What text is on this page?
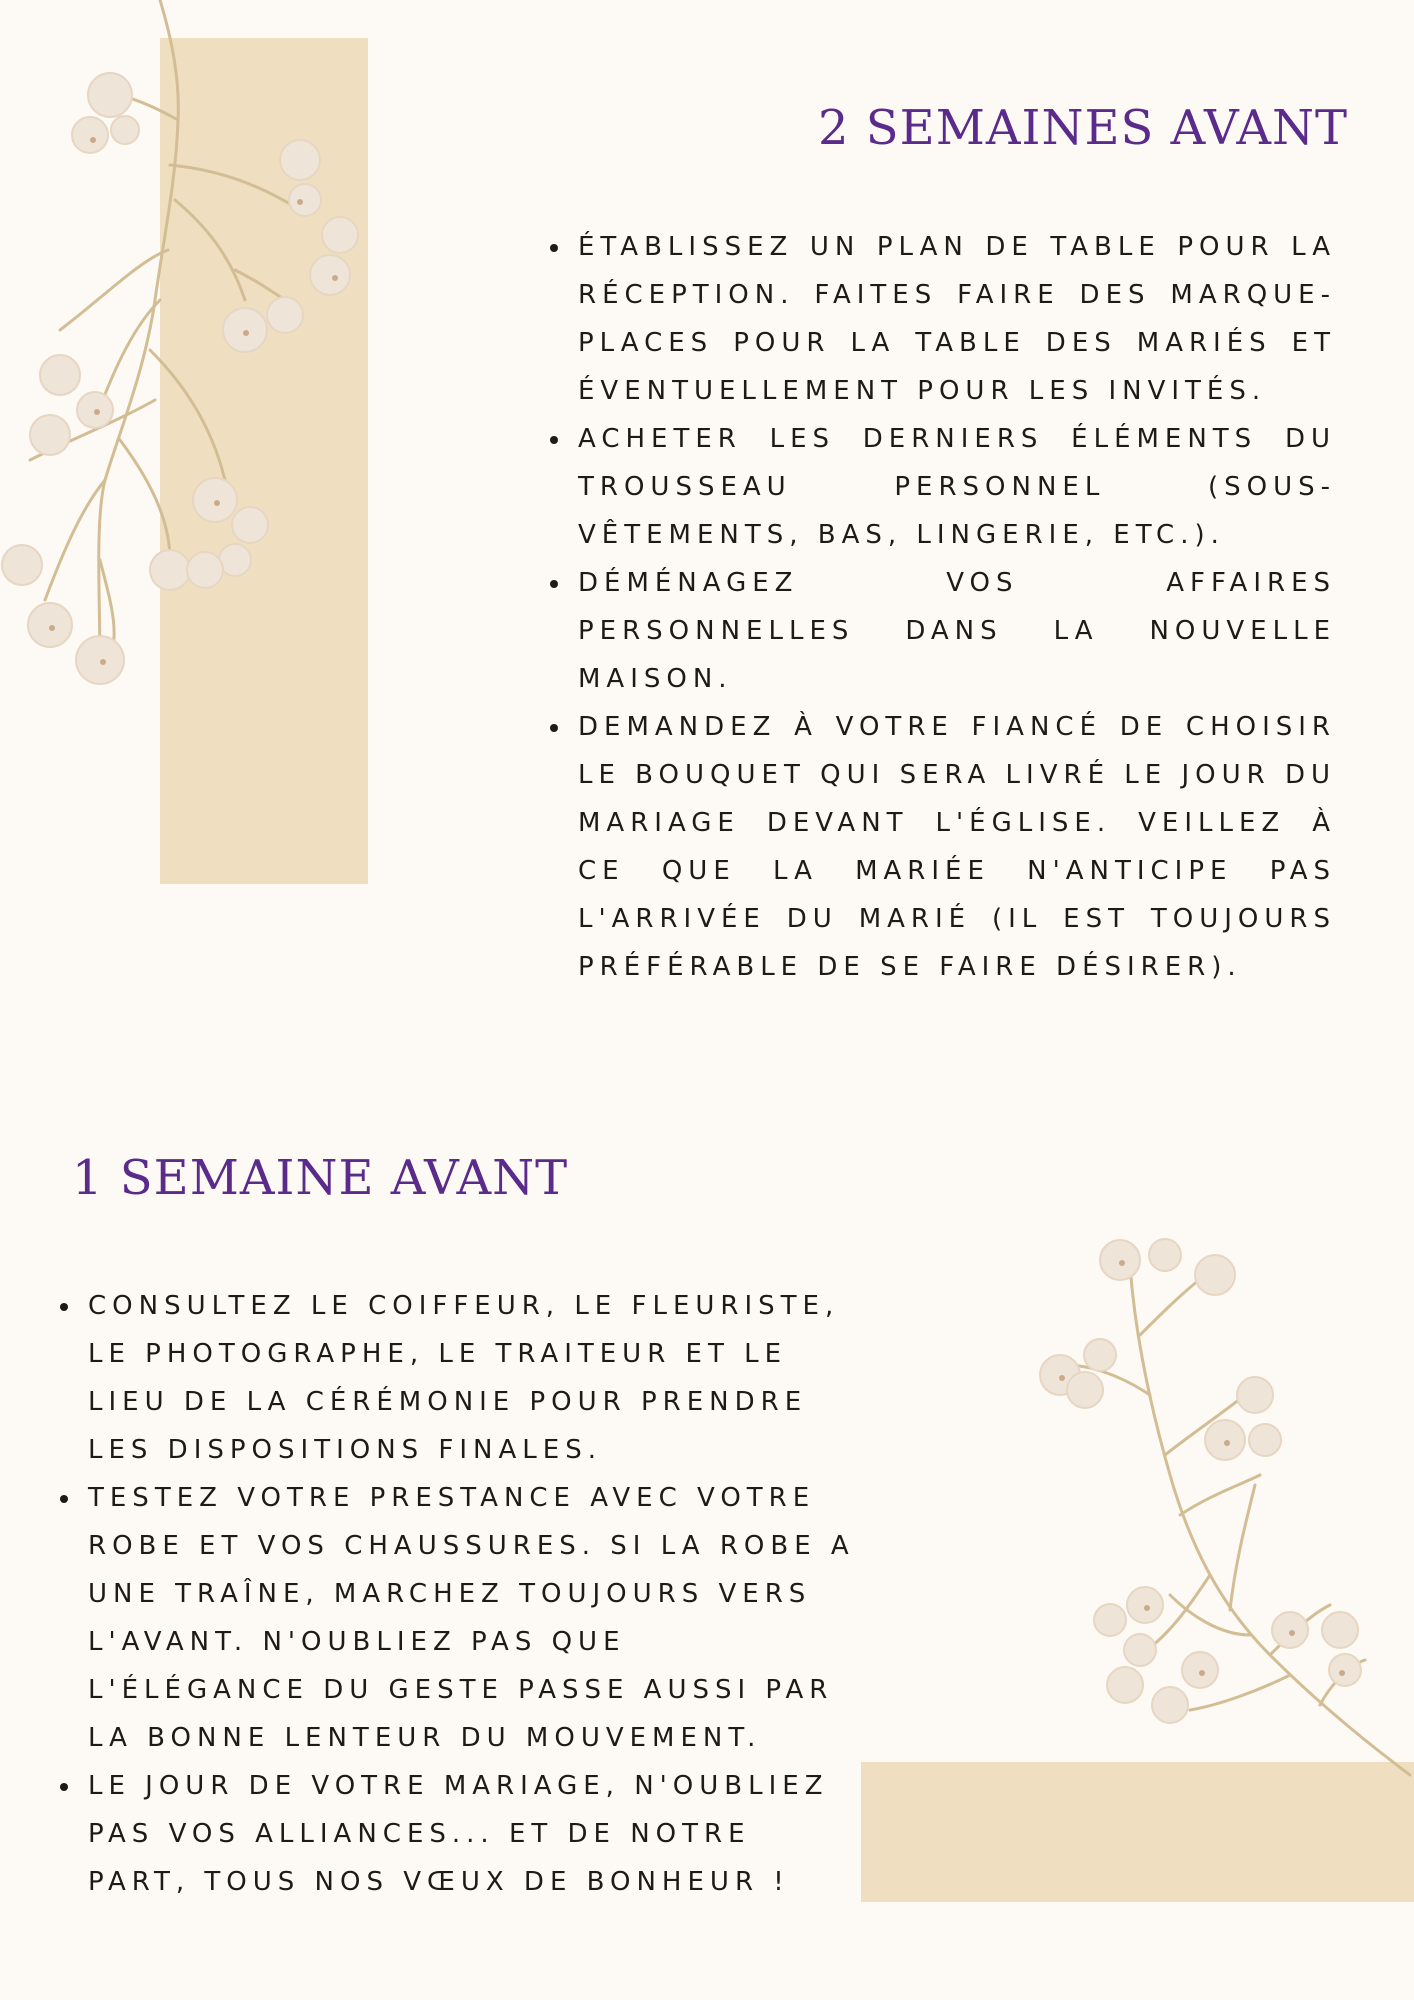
2 SEMAINES AVANT
ÉTABLISSEZ UN PLAN DE TABLE POUR LA RÉCEPTION. FAITES FAIRE DES MARQUE-PLACES POUR LA TABLE DES MARIÉS ET ÉVENTUELLEMENT POUR LES INVITÉS.
ACHETER LES DERNIERS ÉLÉMENTS DU TROUSSEAU PERSONNEL (SOUS-VÊTEMENTS, BAS, LINGERIE, ETC.).
DÉMÉNAGEZ VOS AFFAIRES PERSONNELLES DANS LA NOUVELLE MAISON.
DEMANDEZ À VOTRE FIANCÉ DE CHOISIR LE BOUQUET QUI SERA LIVRÉ LE JOUR DU MARIAGE DEVANT L'ÉGLISE. VEILLEZ À CE QUE LA MARIÉE N'ANTICIPE PAS L'ARRIVÉE DU MARIÉ (IL EST TOUJOURS PRÉFÉRABLE DE SE FAIRE DÉSIRER).
1 SEMAINE AVANT
CONSULTEZ LE COIFFEUR, LE FLEURISTE, LE PHOTOGRAPHE, LE TRAITEUR ET LE LIEU DE LA CÉRÉMONIE POUR PRENDRE LES DISPOSITIONS FINALES.
TESTEZ VOTRE PRESTANCE AVEC VOTRE ROBE ET VOS CHAUSSURES. SI LA ROBE A UNE TRAÎNE, MARCHEZ TOUJOURS VERS L'AVANT. N'OUBLIEZ PAS QUE L'ÉLÉGANCE DU GESTE PASSE AUSSI PAR LA BONNE LENTEUR DU MOUVEMENT.
LE JOUR DE VOTRE MARIAGE, N'OUBLIEZ PAS VOS ALLIANCES... ET DE NOTRE PART, TOUS NOS VŒUX DE BONHEUR !
